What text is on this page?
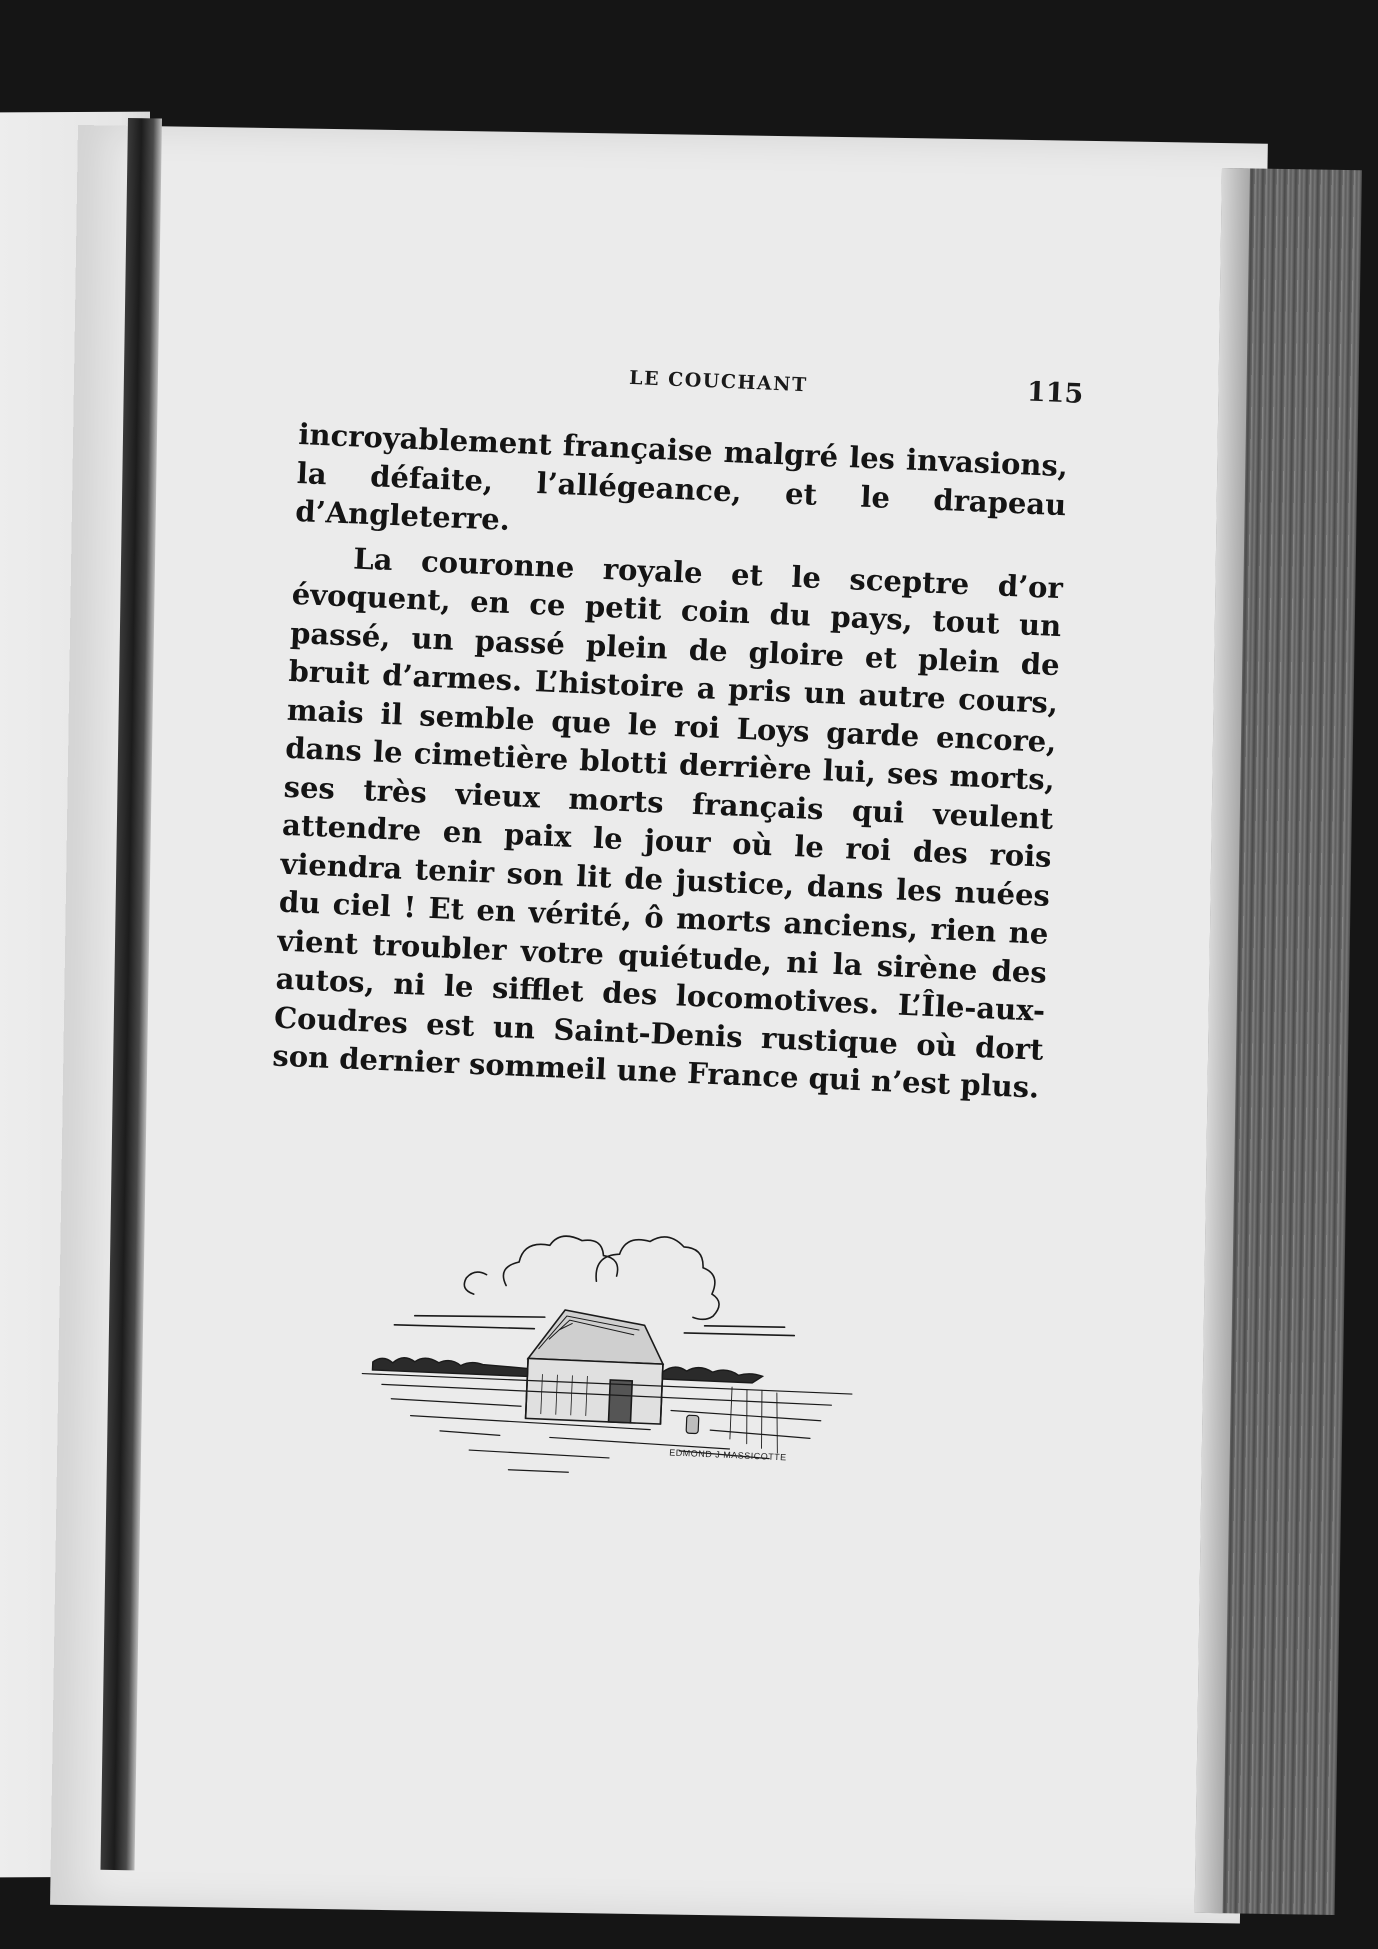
LE COUCHANT	115

incroyablement française malgré les invasions, la défaite, l’allégeance, et le drapeau d’Angleterre.

La couronne royale et le sceptre d’or évoquent, en ce petit coin du pays, tout un passé, un passé plein de gloire et plein de bruit d’armes. L’histoire a pris un autre cours, mais il semble que le roi Loys garde encore, dans le cimetière blotti derrière lui, ses morts, ses très vieux morts français qui veulent attendre en paix le jour où le roi des rois viendra tenir son lit de justice, dans les nuées du ciel ! Et en vérité, ô morts anciens, rien ne vient troubler votre quiétude, ni la sirène des autos, ni le sifflet des locomotives. L’Île-aux-Coudres est un Saint-Denis rustique où dort son dernier sommeil une France qui n’est plus.

EDMOND J MASSICOTTE
